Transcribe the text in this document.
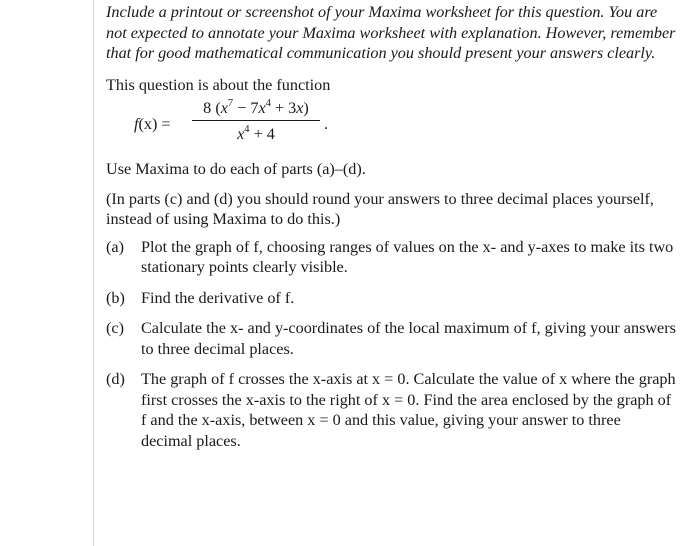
Include a printout or screenshot of your Maxima worksheet for this question. You are not expected to annotate your Maxima worksheet with explanation. However, remember that for good mathematical communication you should present your answers clearly.

This question is about the function

f(x) =
8 $(x^7 - 7x^4 + 3x)$
$x^4 + 4$
.

Use Maxima to do each of parts (a)–(d).

(In parts (c) and (d) you should round your answers to three decimal places yourself, instead of using Maxima to do this.)

(a) Plot the graph of f, choosing ranges of values on the x- and y-axes to make its two stationary points clearly visible.
(b) Find the derivative of f.
(c) Calculate the x- and y-coordinates of the local maximum of f, giving your answers to three decimal places.
(d) The graph of f crosses the x-axis at x = 0. Calculate the value of x where the graph first crosses the x-axis to the right of x = 0. Find the area enclosed by the graph of f and the x-axis, between x = 0 and this value, giving your answer to three decimal places.
